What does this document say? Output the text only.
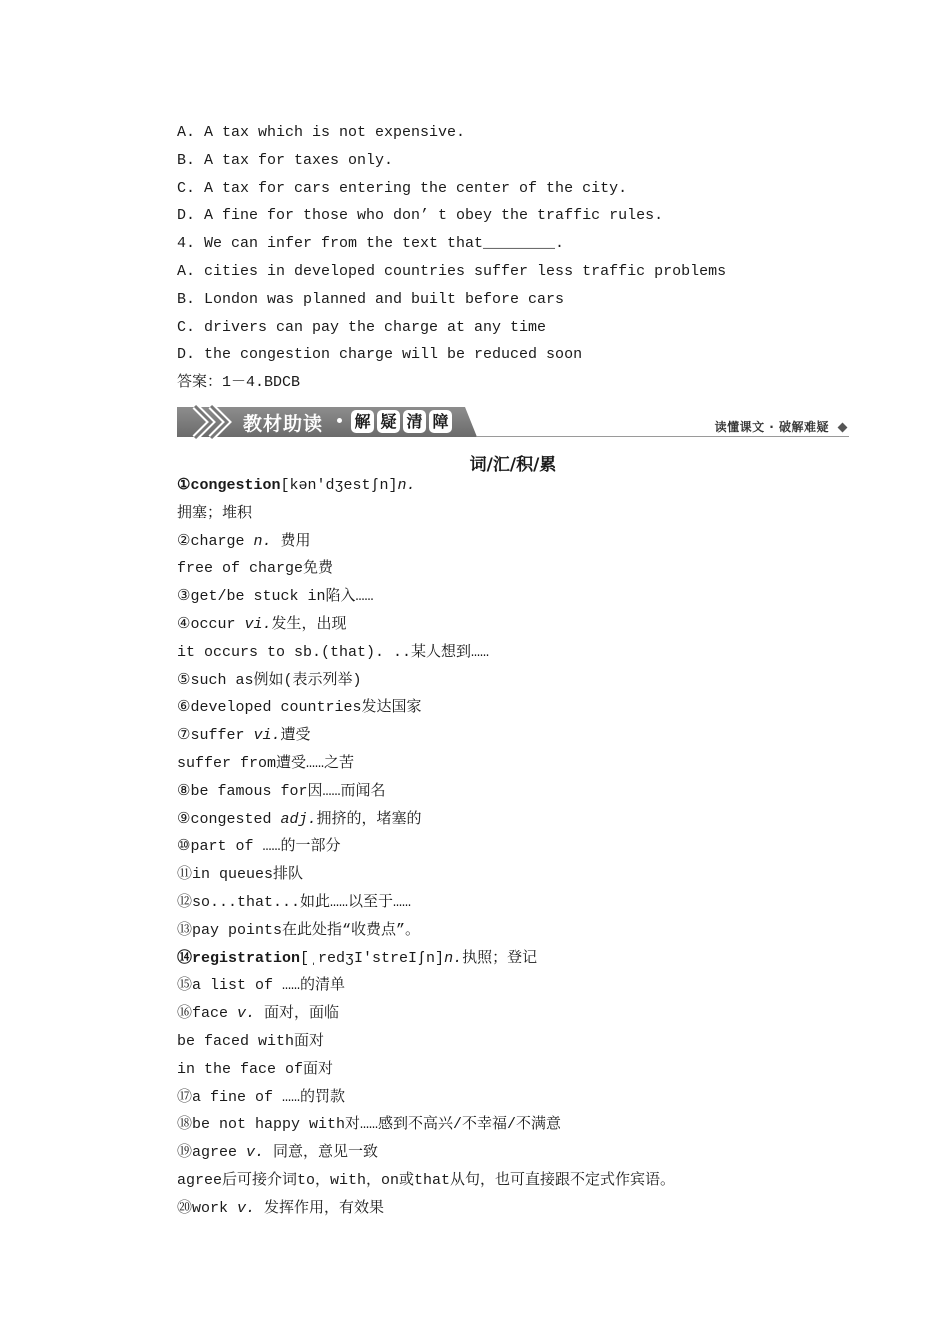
A. A tax which is not expensive.
B. A tax for taxes only.
C. A tax for cars entering the center of the city.
D. A fine for those who don’ t obey the traffic rules.
4. We can infer from the text that________.
A. cities in developed countries suffer less traffic problems
B. London was planned and built before cars
C. drivers can pay the charge at any time
D. the congestion charge will be reduced soon
答案：1－4.BDCB
教材助读 解 疑 清 障	读懂课文 · 破解难疑
词/汇/积/累
①congestion[kən'dʒestʃn]n.
拥塞；堆积
②charge n. 费用
free of charge免费
③get/be stuck in陷入……
④occur vi.发生，出现
it occurs to sb.(that). ..某人想到……
⑤such as例如(表示列举)
⑥developed countries发达国家
⑦suffer vi.遭受
suffer from遭受……之苦
⑧be famous for因……而闻名
⑨congested adj.拥挤的，堵塞的
⑩part of ……的一部分
⑪in queues排队
⑫so...that...如此……以至于……
⑬pay points在此处指“收费点”。
⑭registration[ˌredʒI'streIʃn]n.执照；登记
⑮a list of ……的清单
⑯face v. 面对，面临
be faced with面对
in the face of面对
⑰a fine of ……的罚款
⑱be not happy with对……感到不高兴/不幸福/不满意
⑲agree v. 同意，意见一致
agree后可接介词to，with，on或that从句，也可直接跟不定式作宾语。
⑳work v. 发挥作用，有效果
